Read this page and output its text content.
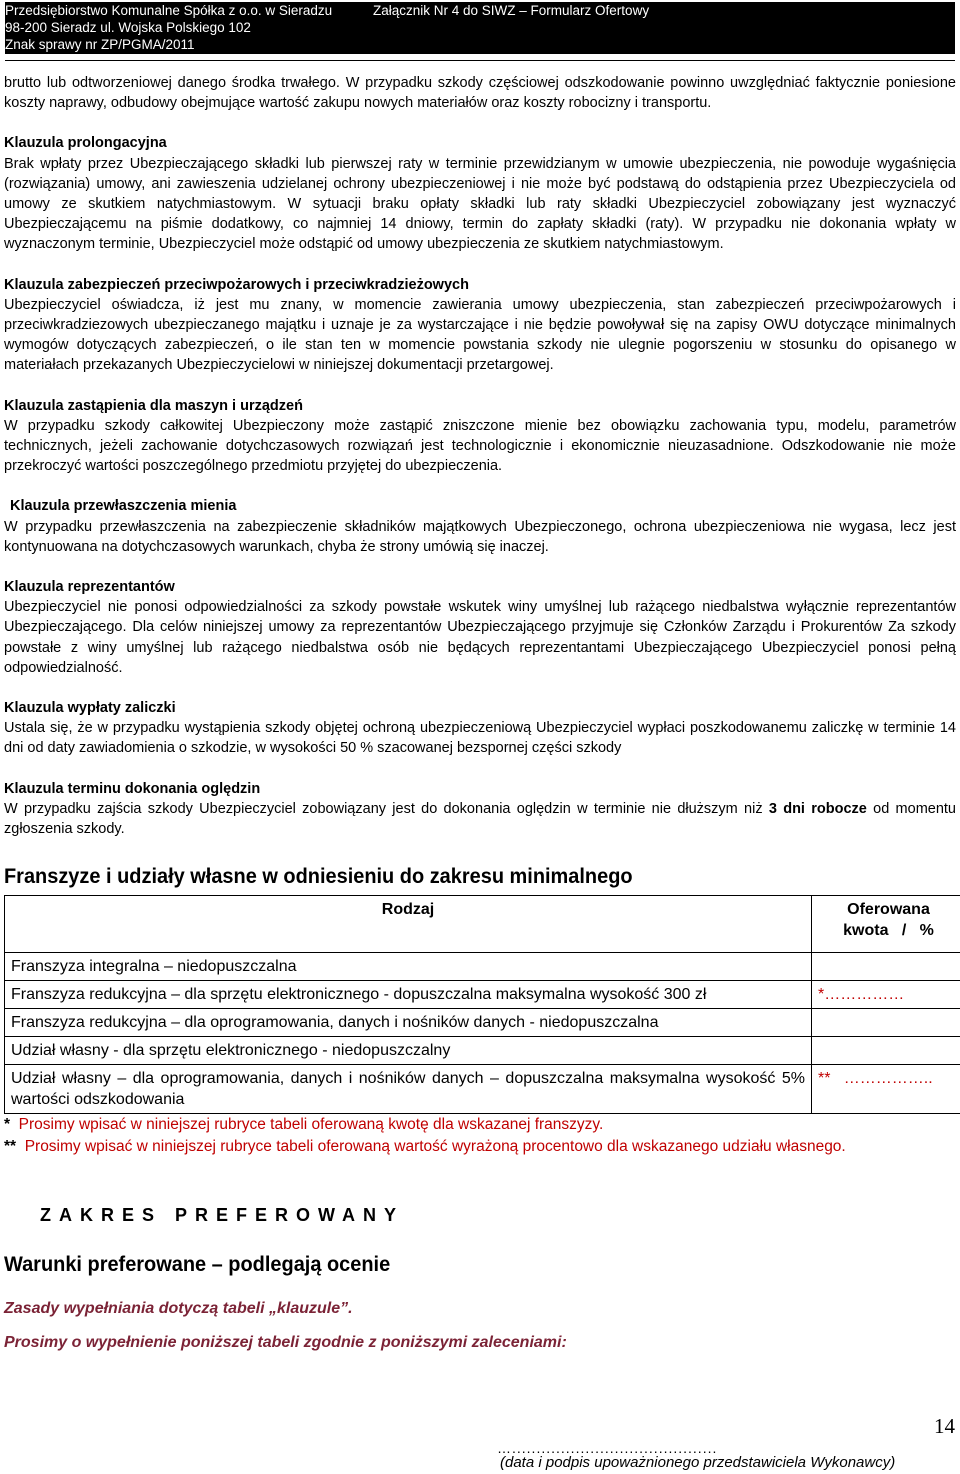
Przedsiębiorstwo Komunalne Spółka z o.o. w Sieradzu
98-200 Sieradz ul. Wojska Polskiego 102
Znak sprawy nr ZP/PGMA/2011
Załącznik Nr 4 do SIWZ – Formularz Ofertowy

brutto lub odtworzeniowej danego środka trwałego. W przypadku szkody częściowej odszkodowanie powinno uwzględniać faktycznie poniesione koszty naprawy, odbudowy obejmujące wartość zakupu nowych materiałów oraz koszty robocizny i transportu.

Klauzula prolongacyjna

Brak wpłaty przez Ubezpieczającego składki lub pierwszej raty w terminie przewidzianym w umowie ubezpieczenia, nie powoduje wygaśnięcia (rozwiązania) umowy, ani zawieszenia udzielanej ochrony ubezpieczeniowej i nie może być podstawą do odstąpienia przez Ubezpieczyciela od umowy ze skutkiem natychmiastowym. W sytuacji braku opłaty składki lub raty składki Ubezpieczyciel zobowiązany jest wyznaczyć Ubezpieczającemu na piśmie dodatkowy, co najmniej 14 dniowy, termin do zapłaty składki (raty). W przypadku nie dokonania wpłaty w wyznaczonym terminie, Ubezpieczyciel może odstąpić od umowy ubezpieczenia ze skutkiem natychmiastowym.

Klauzula zabezpieczeń przeciwpożarowych i przeciwkradzieżowych

Ubezpieczyciel oświadcza, iż jest mu znany, w momencie zawierania umowy ubezpieczenia, stan zabezpieczeń przeciwpożarowych i przeciwkradziezowych ubezpieczanego majątku i uznaje je za wystarczające i nie będzie powoływał się na zapisy OWU dotyczące minimalnych wymogów dotyczących zabezpieczeń, o ile stan ten w momencie powstania szkody nie ulegnie pogorszeniu w stosunku do opisanego w materiałach przekazanych Ubezpieczycielowi w niniejszej dokumentacji przetargowej.

Klauzula zastąpienia dla maszyn i urządzeń

W przypadku szkody całkowitej Ubezpieczony może zastąpić zniszczone mienie bez obowiązku zachowania typu, modelu, parametrów technicznych, jeżeli zachowanie dotychczasowych rozwiązań jest technologicznie i ekonomicznie nieuzasadnione. Odszkodowanie nie może przekroczyć wartości poszczególnego przedmiotu przyjętej do ubezpieczenia.

Klauzula przewłaszczenia mienia

W przypadku przewłaszczenia na zabezpieczenie składników majątkowych Ubezpieczonego, ochrona ubezpieczeniowa nie wygasa, lecz jest kontynuowana na dotychczasowych warunkach, chyba że strony umówią się inaczej.

Klauzula reprezentantów

Ubezpieczyciel nie ponosi odpowiedzialności za szkody powstałe wskutek winy umyślnej lub rażącego niedbalstwa wyłącznie reprezentantów Ubezpieczającego. Dla celów niniejszej umowy za reprezentantów Ubezpieczającego przyjmuje się Członków Zarządu i Prokurentów Za szkody powstałe z winy umyślnej lub rażącego niedbalstwa osób nie będących reprezentantami Ubezpieczającego Ubezpieczyciel ponosi pełną odpowiedzialność.

Klauzula wypłaty zaliczki

Ustala się, że w przypadku wystąpienia szkody objętej ochroną ubezpieczeniową Ubezpieczyciel wypłaci poszkodowanemu zaliczkę w terminie 14 dni od daty zawiadomienia o szkodzie, w wysokości 50 % szacowanej bezspornej części szkody

Klauzula terminu dokonania oględzin

W przypadku zajścia szkody Ubezpieczyciel zobowiązany jest do dokonania oględzin w terminie nie dłuższym niż 3 dni robocze od momentu zgłoszenia szkody.

Franszyze i udziały własne w odniesieniu do zakresu minimalnego
Rodzaj	Oferowana
kwota   /   %

Franszyza integralna – niedopuszczalna	
Franszyza redukcyjna – dla sprzętu elektronicznego - dopuszczalna maksymalna wysokość 300 zł	*……………
Franszyza redukcyjna – dla oprogramowania, danych i nośników danych - niedopuszczalna	
Udział własny - dla sprzętu elektronicznego - niedopuszczalny	
Udział własny – dla oprogramowania, danych i nośników danych – dopuszczalna maksymalna wysokość 5% wartości odszkodowania	**   ……………..
*  Prosimy wpisać w niniejszej rubryce tabeli oferowaną kwotę dla wskazanej franszyzy.
**  Prosimy wpisać w niniejszej rubryce tabeli oferowaną wartość wyrażoną procentowo dla wskazanego udziału własnego.
ZAKRES PREFEROWANY
Warunki preferowane – podlegają ocenie
Zasady wypełniania dotyczą tabeli „klauzule”.
Prosimy o wypełnienie poniższej tabeli zgodnie z poniższymi zaleceniami:
14
…..........................................
(data i podpis upoważnionego przedstawiciela Wykonawcy)
